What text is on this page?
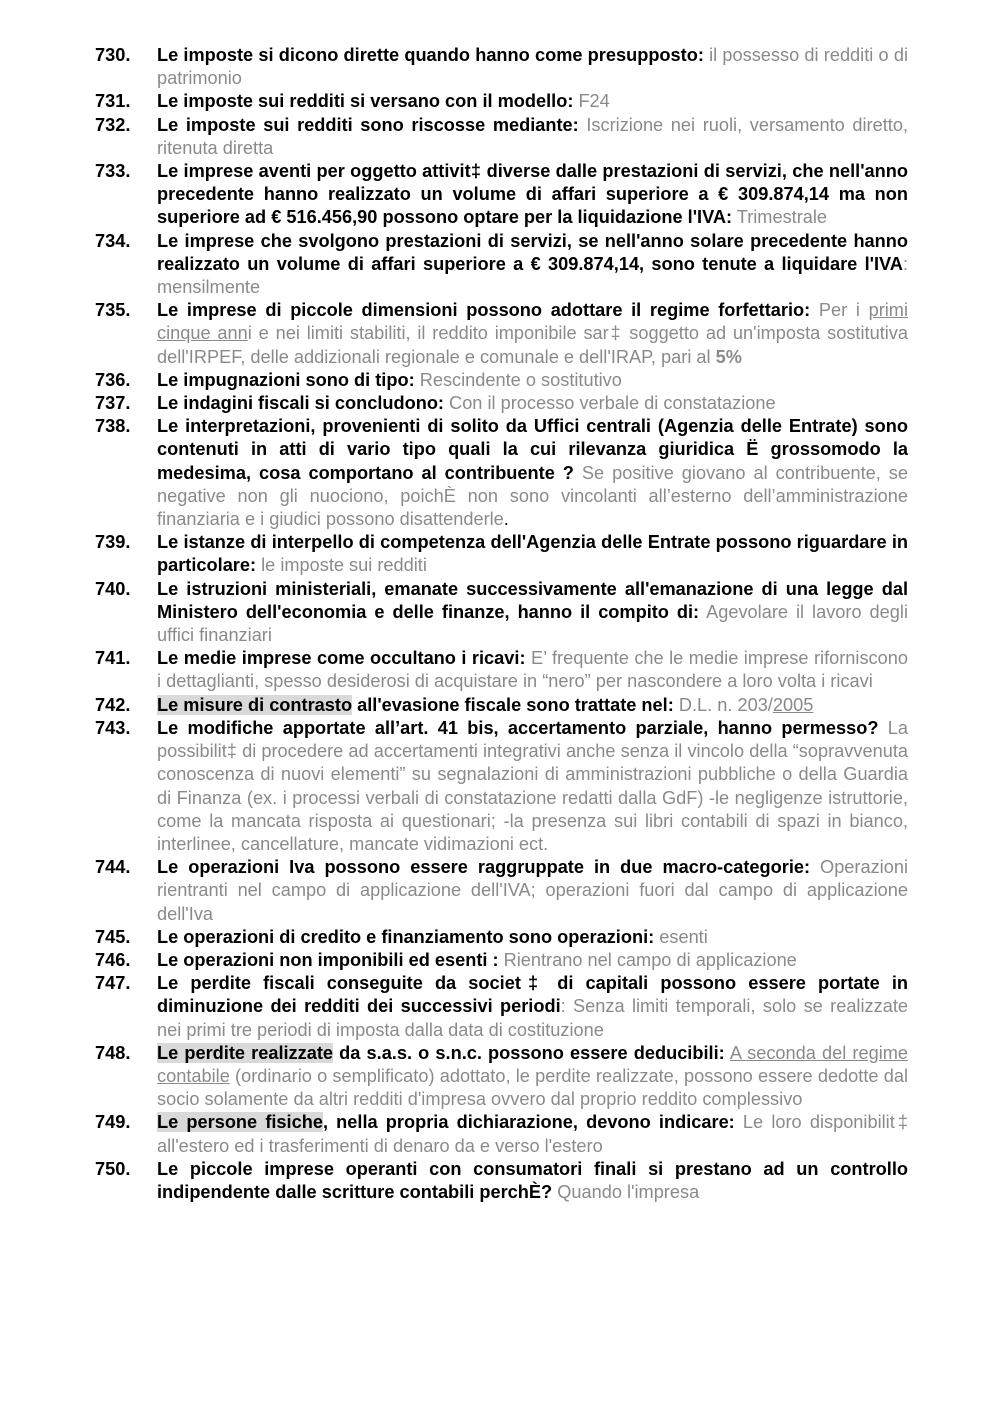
730.	Le imposte si dicono dirette quando hanno come presupposto: il possesso di redditi o di patrimonio
731.	Le imposte sui redditi si versano con il modello: F24
732.	Le imposte sui redditi sono riscosse mediante: Iscrizione nei ruoli, versamento diretto, ritenuta diretta
733.	Le imprese aventi per oggetto attivit‡ diverse dalle prestazioni di servizi, che nell'anno precedente hanno realizzato un volume di affari superiore a € 309.874,14 ma non superiore ad € 516.456,90 possono optare per la liquidazione l'IVA: Trimestrale
734.	Le imprese che svolgono prestazioni di servizi, se nell'anno solare precedente hanno realizzato un volume di affari superiore a € 309.874,14, sono tenute a liquidare l'IVA: mensilmente
735.	Le imprese di piccole dimensioni possono adottare il regime forfettario: Per i primi cinque anni e nei limiti stabiliti, il reddito imponibile sar‡ soggetto ad un'imposta sostitutiva dell'IRPEF, delle addizionali regionale e comunale e dell'IRAP, pari al 5%
736.	Le impugnazioni sono di tipo: Rescindente o sostitutivo
737.	Le indagini fiscali si concludono: Con il processo verbale di constatazione
738.	Le interpretazioni, provenienti di solito da Uffici centrali (Agenzia delle Entrate) sono contenuti in atti di vario tipo quali la cui rilevanza giuridica Ë grossomodo la medesima, cosa comportano al contribuente ? Se positive giovano al contribuente, se negative non gli nuociono, poichÈ non sono vincolanti all’esterno dell’amministrazione finanziaria e i giudici possono disattenderle.
739.	Le istanze di interpello di competenza dell'Agenzia delle Entrate possono riguardare in particolare: le imposte sui redditi
740.	Le istruzioni ministeriali, emanate successivamente all'emanazione di una legge dal Ministero dell'economia e delle finanze, hanno il compito di: Agevolare il lavoro degli uffici finanziari
741.	Le medie imprese come occultano i ricavi: E’ frequente che le medie imprese riforniscono i dettaglianti, spesso desiderosi di acquistare in “nero” per nascondere a loro volta i ricavi
742.	Le misure di contrasto all'evasione fiscale sono trattate nel: D.L. n. 203/2005
743.	Le modifiche apportate all’art. 41 bis, accertamento parziale, hanno permesso? La possibilit‡ di procedere ad accertamenti integrativi anche senza il vincolo della “sopravvenuta conoscenza di nuovi elementi” su segnalazioni di amministrazioni pubbliche o della Guardia di Finanza (ex. i processi verbali di constatazione redatti dalla GdF) -le negligenze istruttorie, come la mancata risposta ai questionari; -la presenza sui libri contabili di spazi in bianco, interlinee, cancellature, mancate vidimazioni ect.
744.	Le operazioni Iva possono essere raggruppate in due macro-categorie: Operazioni rientranti nel campo di applicazione dell'IVA; operazioni fuori dal campo di applicazione dell'Iva
745.	Le operazioni di credito e finanziamento sono operazioni: esenti
746.	Le operazioni non imponibili ed esenti : Rientrano nel campo di applicazione
747.	Le perdite fiscali conseguite da societ‡ di capitali possono essere portate in diminuzione dei redditi dei successivi periodi: Senza limiti temporali, solo se realizzate nei primi tre periodi di imposta dalla data di costituzione
748.	Le perdite realizzate da s.a.s. o s.n.c. possono essere deducibili: A seconda del regime contabile (ordinario o semplificato) adottato, le perdite realizzate, possono essere dedotte dal socio solamente da altri redditi d'impresa ovvero dal proprio reddito complessivo
749.	Le persone fisiche, nella propria dichiarazione, devono indicare: Le loro disponibilit‡ all'estero ed i trasferimenti di denaro da e verso l'estero
750.	Le piccole imprese operanti con consumatori finali si prestano ad un controllo indipendente dalle scritture contabili perchÈ? Quando l'impresa
